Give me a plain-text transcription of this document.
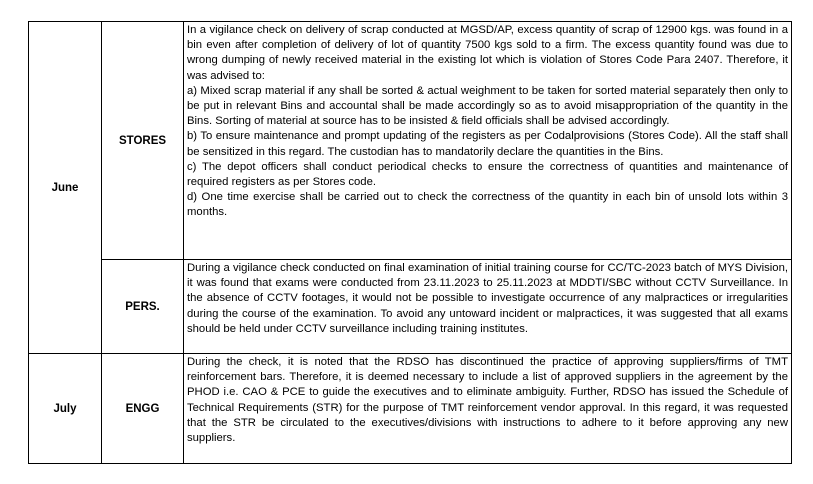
June	STORES	In a vigilance check on delivery of scrap conducted at MGSD/AP, excess quantity of scrap of 12900 kgs. was found in a bin even after completion of delivery of lot of quantity 7500 kgs sold to a firm. The excess quantity found was due to wrong dumping of newly received material in the existing lot which is violation of Stores Code Para 2407. Therefore, it was advised to:

a) Mixed scrap material if any shall be sorted & actual weighment to be taken for sorted material separately then only to be put in relevant Bins and accountal shall be made accordingly so as to avoid misappropriation of the quantity in the Bins. Sorting of material at source has to be insisted & field officials shall be advised accordingly.

b) To ensure maintenance and prompt updating of the registers as per Codalprovisions (Stores Code). All the staff shall be sensitized in this regard. The custodian has to mandatorily declare the quantities in the Bins.

c) The depot officers shall conduct periodical checks to ensure the correctness of quantities and maintenance of required registers as per Stores code.

d) One time exercise shall be carried out to check the correctness of the quantity in each bin of unsold lots within 3 months.

	PERS.	During a vigilance check conducted on final examination of initial training course for CC/TC-2023 batch of MYS Division, it was found that exams were conducted from 23.11.2023 to 25.11.2023 at MDDTI/SBC without CCTV Surveillance. In the absence of CCTV footages, it would not be possible to investigate occurrence of any malpractices or irregularities during the course of the examination. To avoid any untoward incident or malpractices, it was suggested that all exams should be held under CCTV surveillance including training institutes.

July	ENGG	During the check, it is noted that the RDSO has discontinued the practice of approving suppliers/firms of TMT reinforcement bars. Therefore, it is deemed necessary to include a list of approved suppliers in the agreement by the PHOD i.e. CAO & PCE to guide the executives and to eliminate ambiguity. Further, RDSO has issued the Schedule of Technical Requirements (STR) for the purpose of TMT reinforcement vendor approval. In this regard, it was requested that the STR be circulated to the executives/divisions with instructions to adhere to it before approving any new suppliers.
